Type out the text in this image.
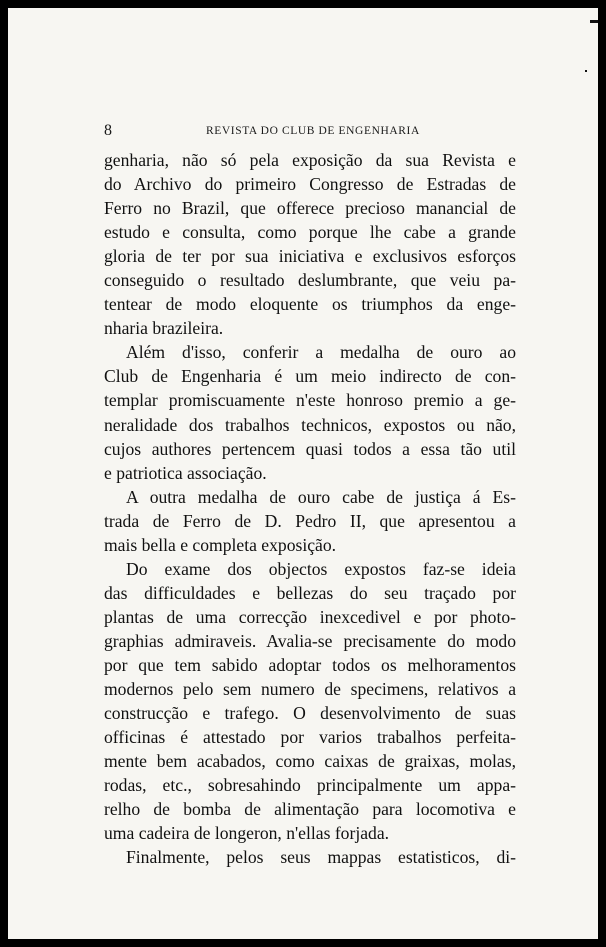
8	REVISTA DO CLUB DE ENGENHARIA
genharia, não só pela exposição da sua Revista e
do Archivo do primeiro Congresso de Estradas de
Ferro no Brazil, que offerece precioso manancial de
estudo e consulta, como porque lhe cabe a grande
gloria de ter por sua iniciativa e exclusivos esforços
conseguido o resultado deslumbrante, que veiu pa-
tentear de modo eloquente os triumphos da enge-
nharia brazileira.
Além d'isso, conferir a medalha de ouro ao
Club de Engenharia é um meio indirecto de con-
templar promiscuamente n'este honroso premio a ge-
neralidade dos trabalhos technicos, expostos ou não,
cujos authores pertencem quasi todos a essa tão util
e patriotica associação.
A outra medalha de ouro cabe de justiça á Es-
trada de Ferro de D. Pedro II, que apresentou a
mais bella e completa exposição.
Do exame dos objectos expostos faz-se ideia
das difficuldades e bellezas do seu traçado por
plantas de uma correcção inexcedivel e por photo-
graphias admiraveis. Avalia-se precisamente do modo
por que tem sabido adoptar todos os melhoramentos
modernos pelo sem numero de specimens, relativos a
construcção e trafego. O desenvolvimento de suas
officinas é attestado por varios trabalhos perfeita-
mente bem acabados, como caixas de graixas, molas,
rodas, etc., sobresahindo principalmente um appa-
relho de bomba de alimentação para locomotiva e
uma cadeira de longeron, n'ellas forjada.
Finalmente, pelos seus mappas estatisticos, di-
